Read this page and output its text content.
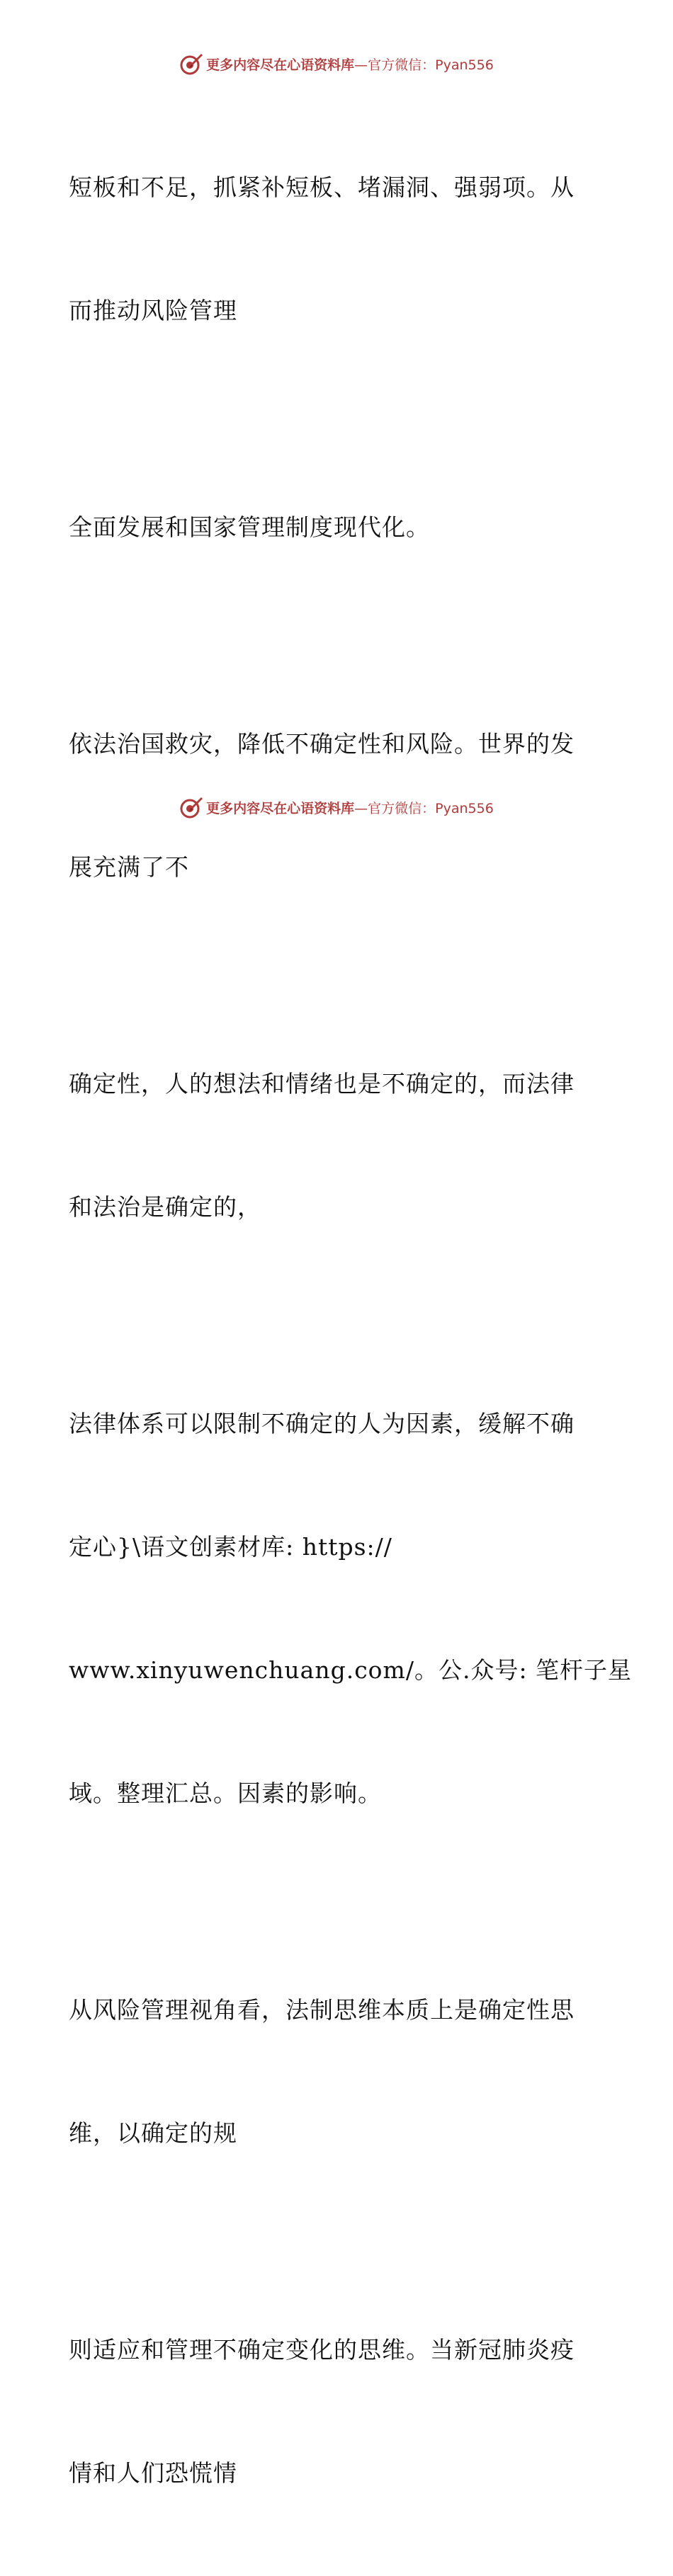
更多内容尽在心语资料库 —官方微信：Pyan556

短板和不足，抓紧补短板、堵漏洞、强弱项。从

而推动风险管理

全面发展和国家管理制度现代化。

依法治国救灾，降低不确定性和风险。世界的发

展充满了不

确定性，人的想法和情绪也是不确定的，而法律

和法治是确定的，

法律体系可以限制不确定的人为因素，缓解不确

定心}\语文创素材库: https://

www.xinyuwenchuang.com/。公.众号: 笔杆子星

域。整理汇总。因素的影响。

从风险管理视角看，法制思维本质上是确定性思

维，以确定的规

则适应和管理不确定变化的思维。当新冠肺炎疫

情和人们恐慌情

更多内容尽在心语资料库 —官方微信：Pyan556
